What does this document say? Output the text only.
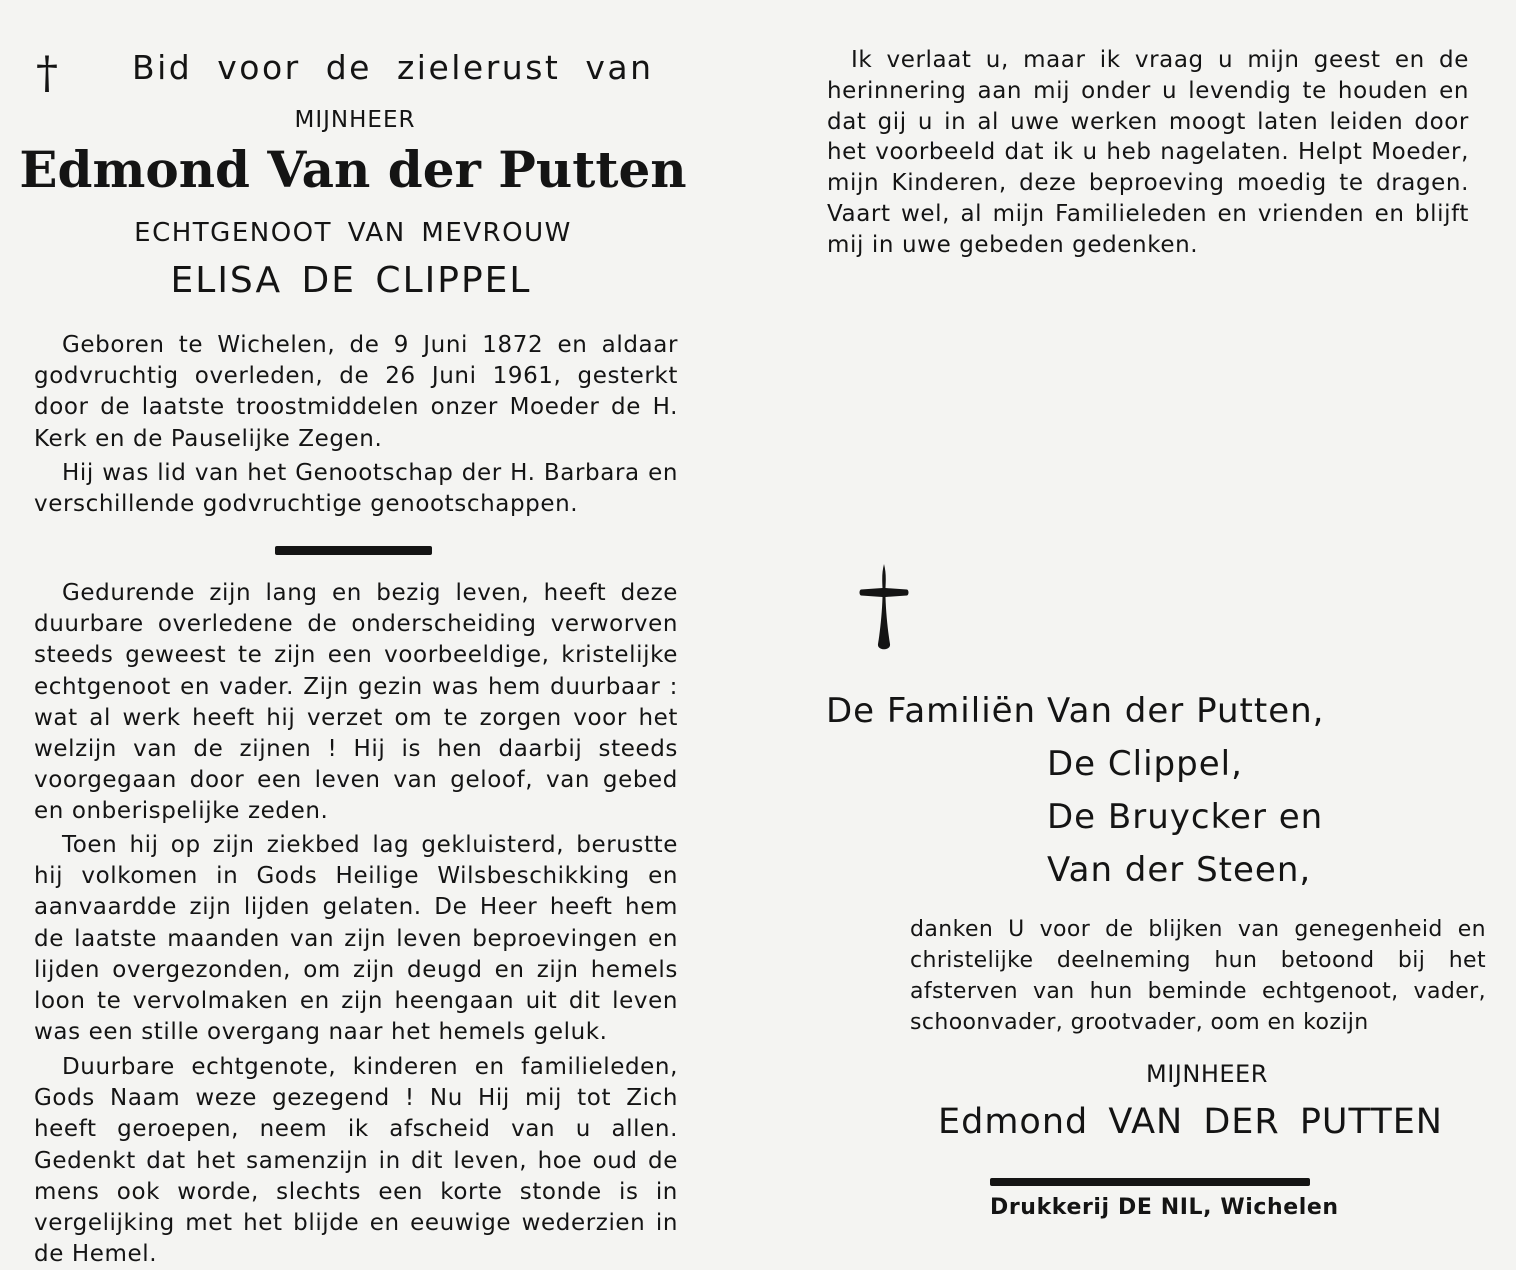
† Bid voor de zielerust van
MIJNHEER
Edmond Van der Putten
ECHTGENOOT VAN MEVROUW
ELISA DE CLIPPEL

Geboren te Wichelen, de 9 Juni 1872 en aldaar godvruchtig overleden, de 26 Juni 1961, gesterkt door de laatste troostmiddelen onzer Moeder de H. Kerk en de Pauselijke Zegen.

Hij was lid van het Genootschap der H. Barbara en verschillende godvruchtige genootschappen.

Gedurende zijn lang en bezig leven, heeft deze duurbare overledene de onderscheiding verworven steeds geweest te zijn een voorbeeldige, kristelijke echtgenoot en vader. Zijn gezin was hem duurbaar : wat al werk heeft hij verzet om te zorgen voor het welzijn van de zijnen ! Hij is hen daarbij steeds voorgegaan door een leven van geloof, van gebed en onberispelijke zeden.

Toen hij op zijn ziekbed lag gekluisterd, berustte hij volkomen in Gods Heilige Wilsbeschikking en aanvaardde zijn lijden gelaten. De Heer heeft hem de laatste maanden van zijn leven beproevingen en lijden overgezonden, om zijn deugd en zijn hemels loon te vervolmaken en zijn heengaan uit dit leven was een stille overgang naar het hemels geluk.

Duurbare echtgenote, kinderen en familieleden, Gods Naam weze gezegend ! Nu Hij mij tot Zich heeft geroepen, neem ik afscheid van u allen. Gedenkt dat het samenzijn in dit leven, hoe oud de mens ook worde, slechts een korte stonde is in vergelijking met het blijde en eeuwige wederzien in de Hemel.

Ik verlaat u, maar ik vraag u mijn geest en de herinnering aan mij onder u levendig te houden en dat gij u in al uwe werken moogt laten leiden door het voorbeeld dat ik u heb nagelaten. Helpt Moeder, mijn Kinderen, deze beproeving moedig te dragen. Vaart wel, al mijn Familieleden en vrienden en blijft mij in uwe gebeden gedenken.
De Familiën Van der Putten,
De Clippel,
De Bruycker en
Van der Steen,
danken U voor de blijken van genegenheid en christelijke deelneming hun betoond bij het afsterven van hun beminde echtgenoot, vader, schoonvader, grootvader, oom en kozijn
MIJNHEER
Edmond VAN DER PUTTEN
Drukkerij DE NIL, Wichelen
